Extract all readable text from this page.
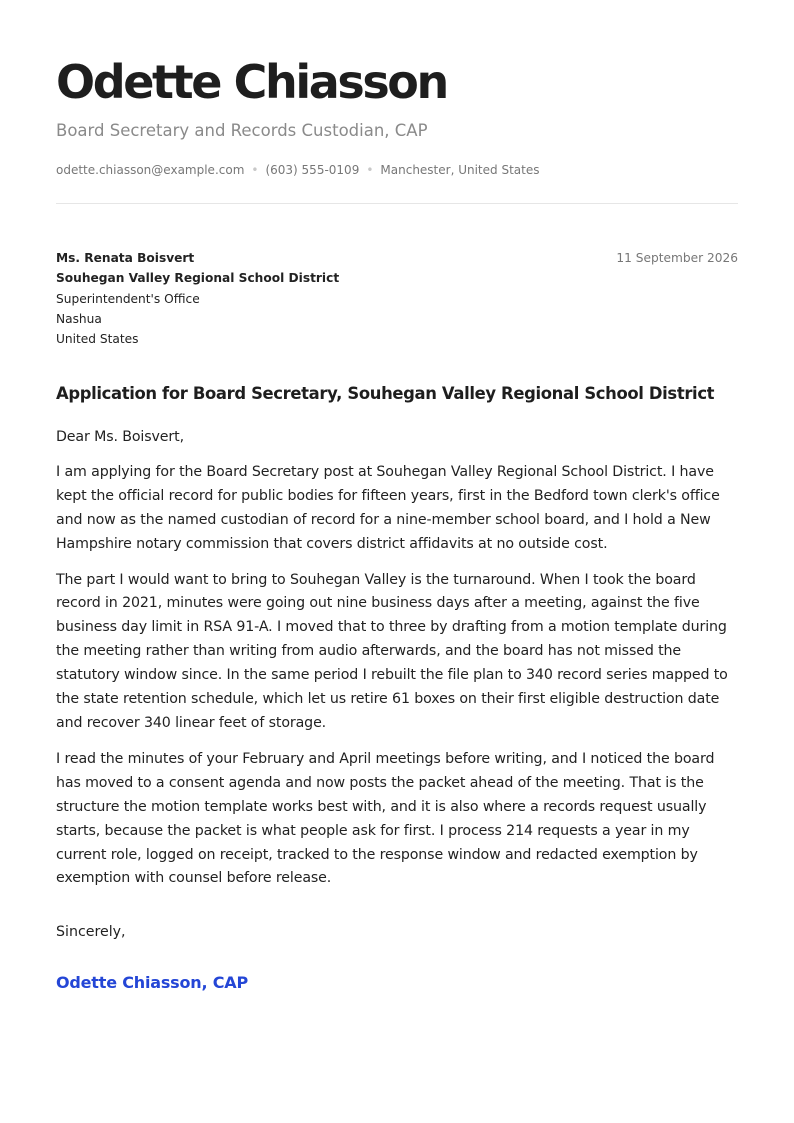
Odette Chiasson
Board Secretary and Records Custodian, CAP
odette.chiasson@example.com • (603) 555-0109 • Manchester, United States
Ms. Renata Boisvert
Souhegan Valley Regional School District
Superintendent's Office
Nashua
United States
11 September 2026
Application for Board Secretary, Souhegan Valley Regional School District

Dear Ms. Boisvert,

I am applying for the Board Secretary post at Souhegan Valley Regional School District. I have kept the official record for public bodies for fifteen years, first in the Bedford town clerk's office and now as the named custodian of record for a nine-member school board, and I hold a New Hampshire notary commission that covers district affidavits at no outside cost.

The part I would want to bring to Souhegan Valley is the turnaround. When I took the board record in 2021, minutes were going out nine business days after a meeting, against the five business day limit in RSA 91-A. I moved that to three by drafting from a motion template during the meeting rather than writing from audio afterwards, and the board has not missed the statutory window since. In the same period I rebuilt the file plan to 340 record series mapped to the state retention schedule, which let us retire 61 boxes on their first eligible destruction date and recover 340 linear feet of storage.

I read the minutes of your February and April meetings before writing, and I noticed the board has moved to a consent agenda and now posts the packet ahead of the meeting. That is the structure the motion template works best with, and it is also where a records request usually starts, because the packet is what people ask for first. I process 214 requests a year in my current role, logged on receipt, tracked to the response window and redacted exemption by exemption with counsel before release.

Sincerely,
Odette Chiasson, CAP
